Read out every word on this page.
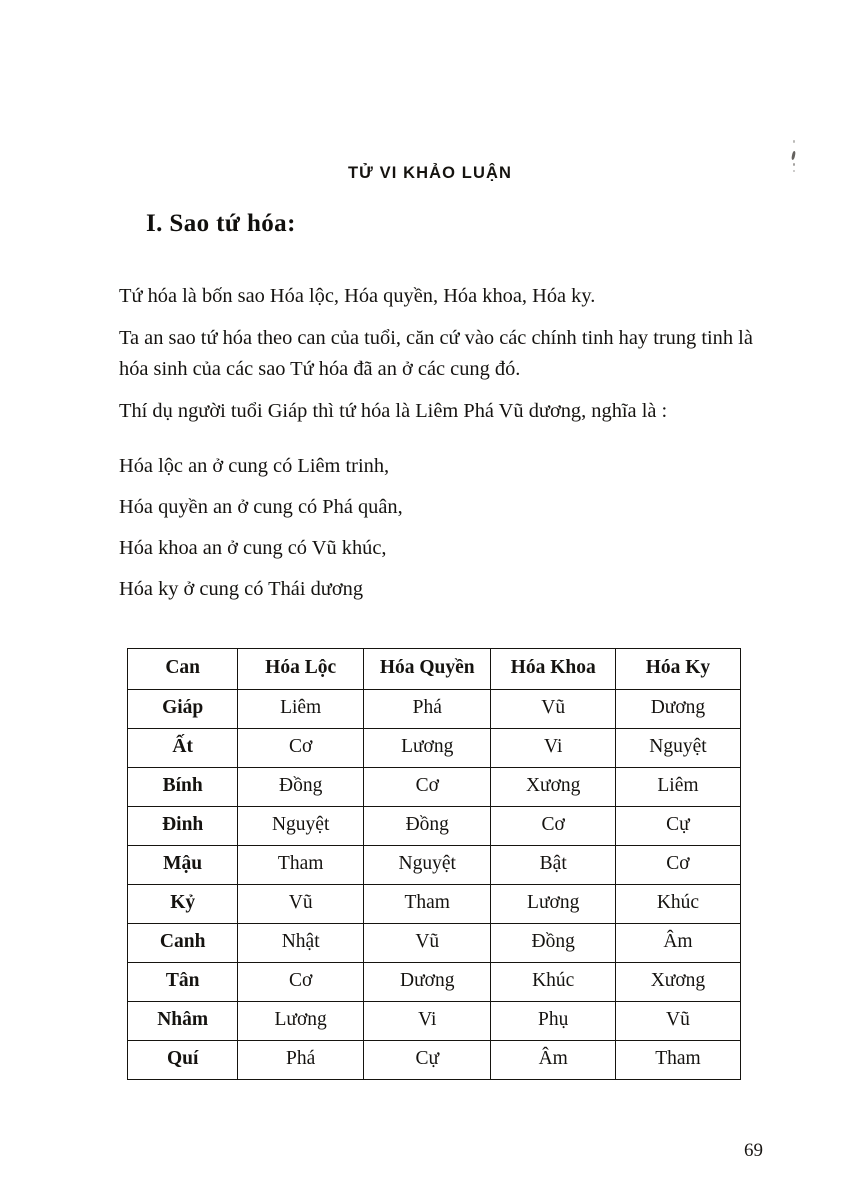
TỬ VI KHẢO LUẬN
I. Sao tứ hóa:

Tứ hóa là bốn sao Hóa lộc, Hóa quyền, Hóa khoa, Hóa ky.

Ta an sao tứ hóa theo can của tuổi, căn cứ vào các chính tinh hay trung tinh là hóa sinh của các sao Tứ hóa đã an ở các cung đó.

Thí dụ người tuổi Giáp thì tứ hóa là Liêm Phá Vũ dương, nghĩa là :

Hóa lộc an ở cung có Liêm trinh,

Hóa quyền an ở cung có Phá quân,

Hóa khoa an ở cung có Vũ khúc,

Hóa ky ở cung có Thái dương

Can	Hóa Lộc	Hóa Quyền	Hóa Khoa	Hóa Ky
Giáp	Liêm	Phá	Vũ	Dương
Ất	Cơ	Lương	Vi	Nguyệt
Bính	Đồng	Cơ	Xương	Liêm
Đinh	Nguyệt	Đồng	Cơ	Cự
Mậu	Tham	Nguyệt	Bật	Cơ
Kỷ	Vũ	Tham	Lương	Khúc
Canh	Nhật	Vũ	Đồng	Âm
Tân	Cơ	Dương	Khúc	Xương
Nhâm	Lương	Vi	Phụ	Vũ
Quí	Phá	Cự	Âm	Tham
69
